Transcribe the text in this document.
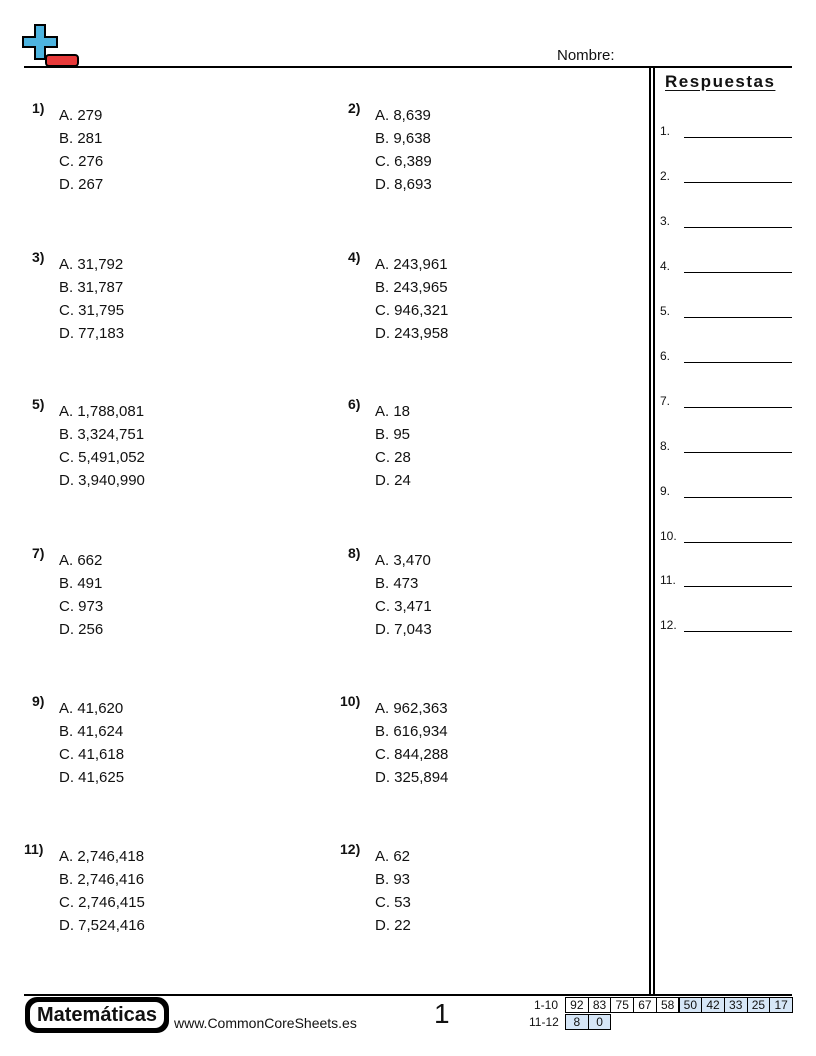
Nombre:
Respuestas
1.
2.
3.
4.
5.
6.
7.
8.
9.
10.
11.
12.
1) A. 279
B. 281
C. 276
D. 267
2) A. 8,639
B. 9,638
C. 6,389
D. 8,693
3) A. 31,792
B. 31,787
C. 31,795
D. 77,183
4) A. 243,961
B. 243,965
C. 946,321
D. 243,958
5) A. 1,788,081
B. 3,324,751
C. 5,491,052
D. 3,940,990
6) A. 18
B. 95
C. 28
D. 24
7) A. 662
B. 491
C. 973
D. 256
8) A. 3,470
B. 473
C. 3,471
D. 7,043
9) A. 41,620
B. 41,624
C. 41,618
D. 41,625
10) A. 962,363
B. 616,934
C. 844,288
D. 325,894
11) A. 2,746,418
B. 2,746,416
C. 2,746,415
D. 7,524,416
12) A. 62
B. 93
C. 53
D. 22
Matemáticas	www.CommonCoreSheets.es	1	1-10	92 83 75 67 58 50 42 33 25 17
11-12	8	0
